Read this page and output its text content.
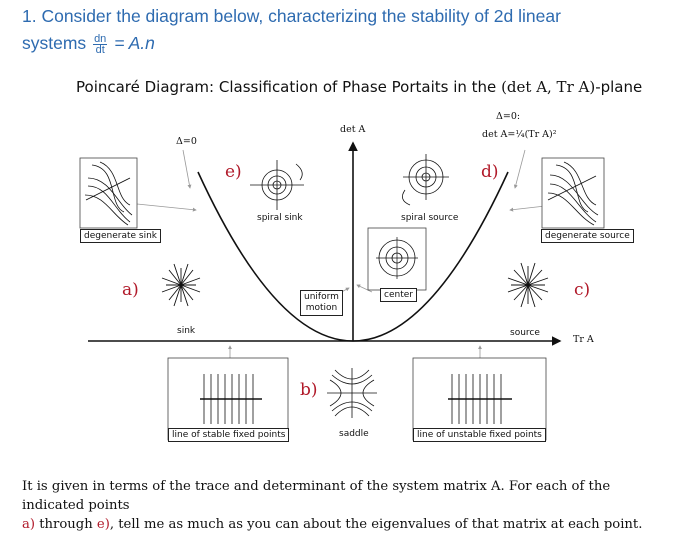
1. Consider the diagram below, characterizing the stability of 2d linear
systems $\frac{dn}{dt} = A.n$
Poincaré Diagram: Classification of Phase Portaits in the (det A, Tr A)-plane
det A
Tr A
Δ=0
Δ=0:
det A=¼(Tr A)²
spiral sink	spiral source
degenerate sink	degenerate source
center
uniform
motion
sink	source
saddle
line of stable fixed points	line of unstable fixed points
a)
b)
c)
d)
e)
It is given in terms of the trace and determinant of the system matrix A. For each of the indicated points
a) through e), tell me as much as you can about the eigenvalues of that matrix at each point.
